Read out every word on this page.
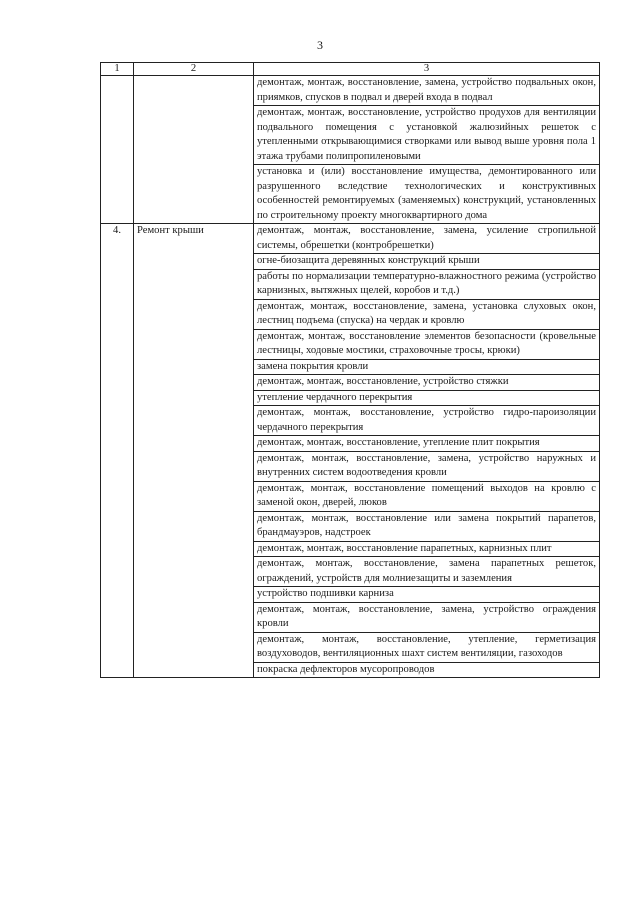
3
1	2	3
		демонтаж, монтаж, восстановление, замена, устройство подвальных окон, приямков, спусков в подвал и дверей входа в подвал
		демонтаж, монтаж, восстановление, устройство продухов для вентиляции подвального помещения с установкой жалюзийных решеток с утепленными открывающимися створками или вывод выше уровня пола 1 этажа трубами полипропиленовыми
		установка и (или) восстановление имущества, демонтированного или разрушенного вследствие технологических и конструктивных особенностей ремонтируемых (заменяемых) конструкций, установленных по строительному проекту многоквартирного дома
4.	Ремонт крыши	демонтаж, монтаж, восстановление, замена, усиление стропильной системы, обрешетки (контробрешетки)
		огне-биозащита деревянных конструкций крыши
		работы по нормализации температурно-влажностного режима (устройство карнизных, вытяжных щелей, коробов и т.д.)
		демонтаж, монтаж, восстановление, замена, установка слуховых окон, лестниц подъема (спуска) на чердак и кровлю
		демонтаж, монтаж, восстановление элементов безопасности (кровельные лестницы, ходовые мостики, страховочные тросы, крюки)
		замена покрытия кровли
		демонтаж, монтаж, восстановление, устройство стяжки
		утепление чердачного перекрытия
		демонтаж, монтаж, восстановление, устройство гидро-пароизоляции чердачного перекрытия
		демонтаж, монтаж, восстановление, утепление плит покрытия
		демонтаж, монтаж, восстановление, замена, устройство наружных и внутренних систем водоотведения кровли
		демонтаж, монтаж, восстановление помещений выходов на кровлю с заменой окон, дверей, люков
		демонтаж, монтаж, восстановление или замена покрытий парапетов, брандмауэров, надстроек
		демонтаж, монтаж, восстановление парапетных, карнизных плит
		демонтаж, монтаж, восстановление, замена парапетных решеток, ограждений, устройств для молниезащиты и заземления
		устройство подшивки карниза
		демонтаж, монтаж, восстановление, замена, устройство ограждения кровли
		демонтаж, монтаж, восстановление, утепление, герметизация воздуховодов, вентиляционных шахт систем вентиляции, газоходов
		покраска дефлекторов мусоропроводов
